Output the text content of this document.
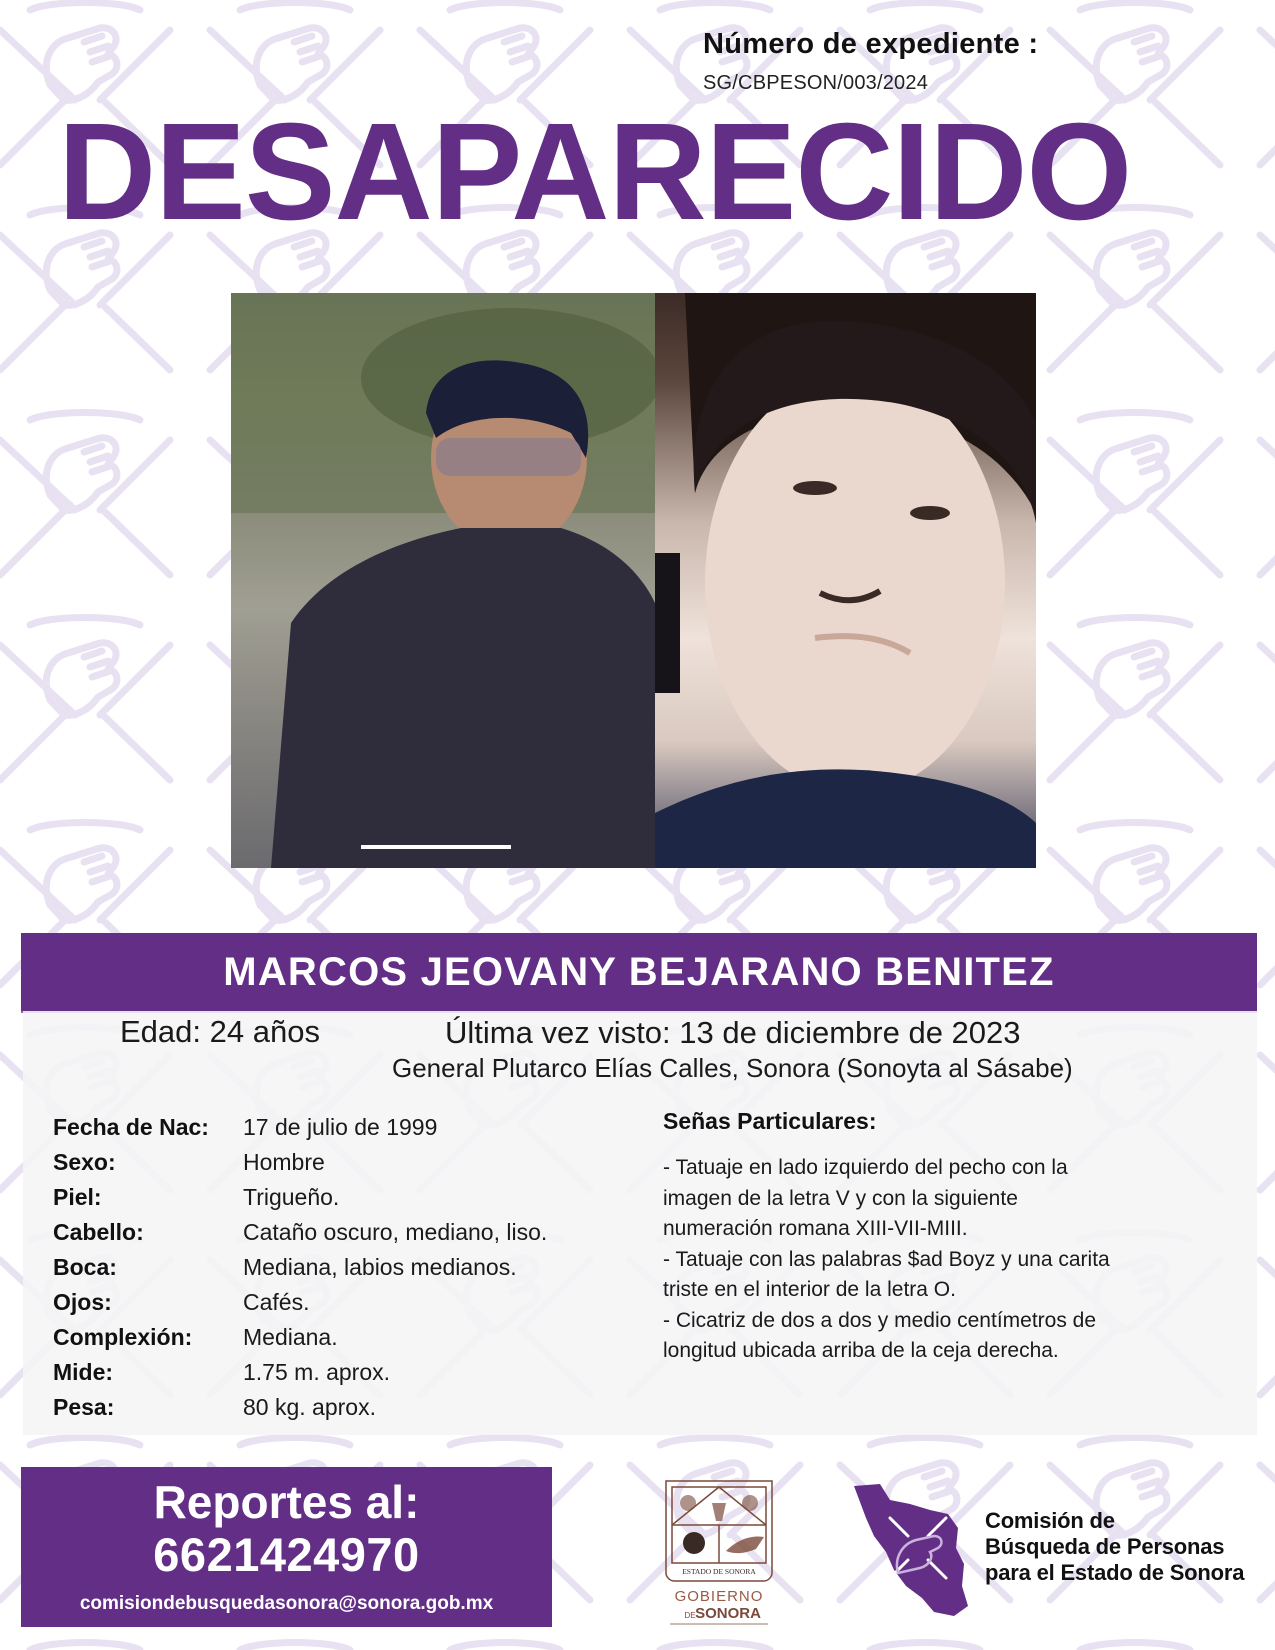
Número de expediente :
SG/CBPESON/003/2024
DESAPARECIDO
MARCOS JEOVANY BEJARANO BENITEZ
Edad: 24 años	Última vez visto: 13 de diciembre de 2023
General Plutarco Elías Calles, Sonora (Sonoyta al Sásabe)
Fecha de Nac:	17 de julio de 1999
Sexo:	Hombre
Piel:	Trigueño.
Cabello:	Cataño oscuro, mediano, liso.
Boca:	Mediana, labios medianos.
Ojos:	Cafés.
Complexión:	Mediana.
Mide:	1.75 m. aprox.
Pesa:	80 kg. aprox.
Señas Particulares:
- Tatuaje en lado izquierdo del pecho con la
imagen de la letra V y con la siguiente
numeración romana XIII-VII-MIII.
- Tatuaje con las palabras $ad Boyz y una carita
triste en el interior de la letra O.
- Cicatriz de dos a dos y medio centímetros de
longitud ubicada arriba de la ceja derecha.
Reportes al:
6621424970
comisiondebusquedasonora@sonora.gob.mx
ESTADO DE SONORA
GOBIERNO
DE SONORA
Comisión de
Búsqueda de Personas
para el Estado de Sonora
